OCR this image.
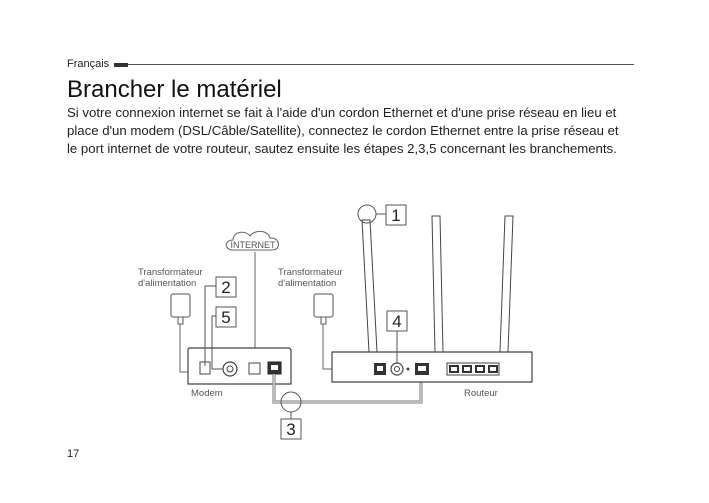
Français
Brancher le matériel

Si votre connexion internet se fait à l'aide d'un cordon Ethernet et d'une prise réseau en lieu et

place d'un modem (DSL/Câble/Satellite), connectez le cordon Ethernet entre la prise réseau et

le port internet de votre routeur, sautez ensuite les étapes 2,3,5 concernant les branchements.

INTERNET
Transformateur
d'alimentation
Transformateur
d'alimentation
Modem	Routeur
1
2
5
3
4
17
